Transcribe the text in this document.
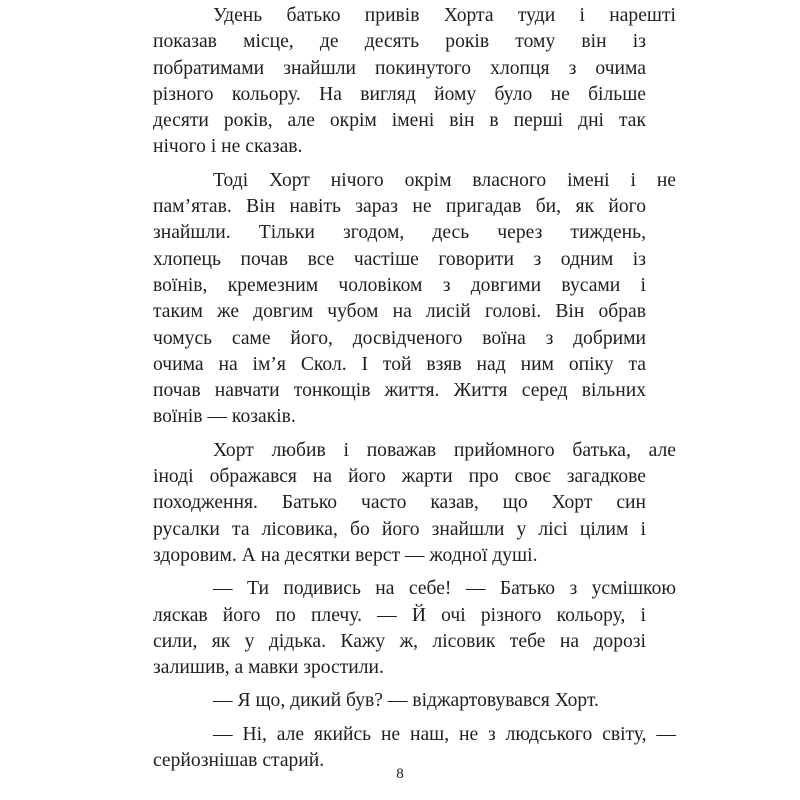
Удень батько привів Хорта туди і нарешті
показав місце, де десять років тому він із
побратимами знайшли покинутого хлопця з очима
різного кольору. На вигляд йому було не більше
десяти років, але окрім імені він в перші дні так
нічого і не сказав.

Тоді Хорт нічого окрім власного імені і не
пам’ятав. Він навіть зараз не пригадав би, як його
знайшли. Тільки згодом, десь через тиждень,
хлопець почав все частіше говорити з одним із
воїнів, кремезним чоловіком з довгими вусами і
таким же довгим чубом на лисій голові. Він обрав
чомусь саме його, досвідченого воїна з добрими
очима на ім’я Скол. І той взяв над ним опіку та
почав навчати тонкощів життя. Життя серед вільних
воїнів — козаків.

Хорт любив і поважав прийомного батька, але
іноді ображався на його жарти про своє загадкове
походження. Батько часто казав, що Хорт син
русалки та лісовика, бо його знайшли у лісі цілим і
здоровим. А на десятки верст — жодної душі.

— Ти подивись на себе! — Батько з усмішкою
ляскав його по плечу. — Й очі різного кольору, і
сили, як у дідька. Кажу ж, лісовик тебе на дорозі
залишив, а мавки зростили.

— Я що, дикий був? — віджартовувався Хорт.

— Ні, але якийсь не наш, не з людського світу, —
серйознішав старий.

8
